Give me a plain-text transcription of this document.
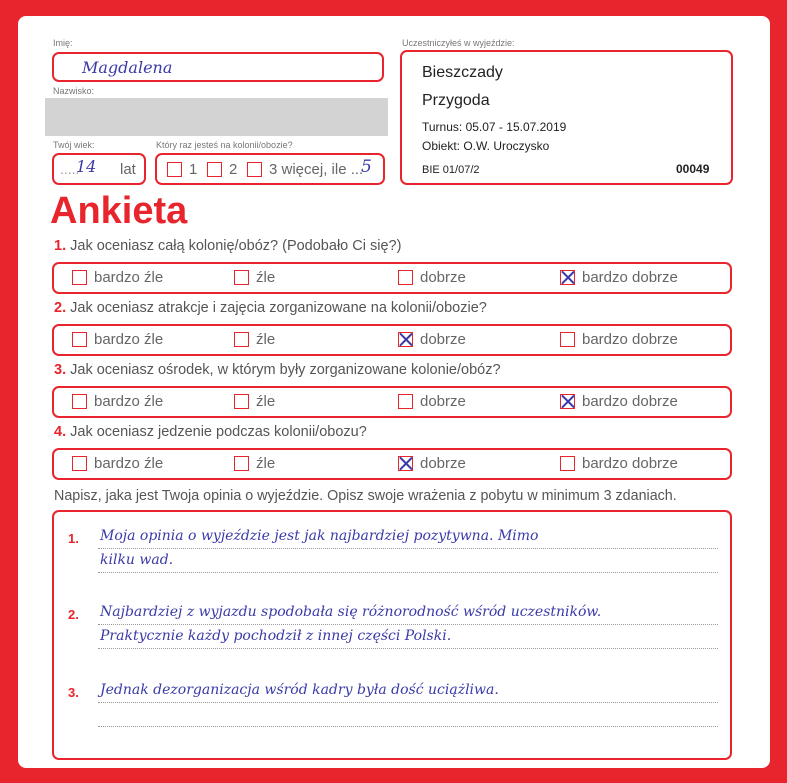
Imię:
Magdalena
Nazwisko:
Twój wiek:
.....
14 lat
Który raz jesteś na kolonii/obozie?
1 2 3 więcej, ile ...
5
Uczestniczyłeś w wyjeździe:
Bieszczady
Przygoda
Turnus: 05.07 - 15.07.2019
Obiekt: O.W. Uroczysko
BIE 01/07/2	00049
Ankieta
1. Jak oceniasz całą kolonię/obóz? (Podobało Ci się?)
bardzo źle	źle	dobrze	bardzo dobrze
2. Jak oceniasz atrakcje i zajęcia zorganizowane na kolonii/obozie?
bardzo źle	źle	dobrze	bardzo dobrze
3. Jak oceniasz ośrodek, w którym były zorganizowane kolonie/obóz?
bardzo źle	źle	dobrze	bardzo dobrze
4. Jak oceniasz jedzenie podczas kolonii/obozu?
bardzo źle	źle	dobrze	bardzo dobrze
Napisz, jaka jest Twoja opinia o wyjeździe. Opisz swoje wrażenia z pobytu w minimum 3 zdaniach.
1. Moja opinia o wyjeździe jest jak najbardziej pozytywna. Mimo
kilku wad.
2. Najbardziej z wyjazdu spodobała się różnorodność wśród uczestników.
Praktycznie każdy pochodził z innej części Polski.
3. Jednak dezorganizacja wśród kadry była dość uciążliwa.
